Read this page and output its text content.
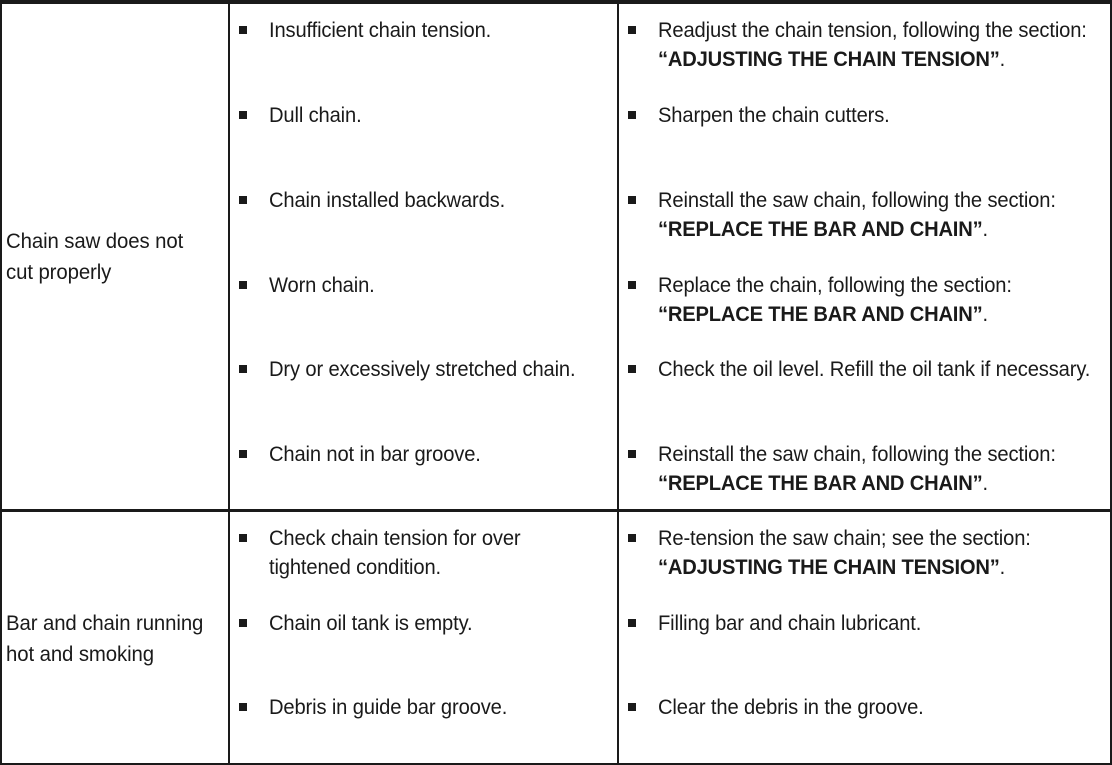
Chain saw does not cut properly
Insufficient chain tension.
Dull chain.
Chain installed backwards.
Worn chain.
Dry or excessively stretched chain.
Chain not in bar groove.
Readjust the chain tension, following the section: “ADJUSTING THE CHAIN TENSION”.
Sharpen the chain cutters.
Reinstall the saw chain, following the section: “REPLACE THE BAR AND CHAIN”.
Replace the chain, following the section: “REPLACE THE BAR AND CHAIN”.
Check the oil level. Refill the oil tank if necessary.
Reinstall the saw chain, following the section: “REPLACE THE BAR AND CHAIN”.
Bar and chain running hot and smoking
Check chain tension for over tightened condition.
Chain oil tank is empty.
Debris in guide bar groove.
Re-tension the saw chain; see the section: “ADJUSTING THE CHAIN TENSION”.
Filling bar and chain lubricant.
Clear the debris in the groove.
